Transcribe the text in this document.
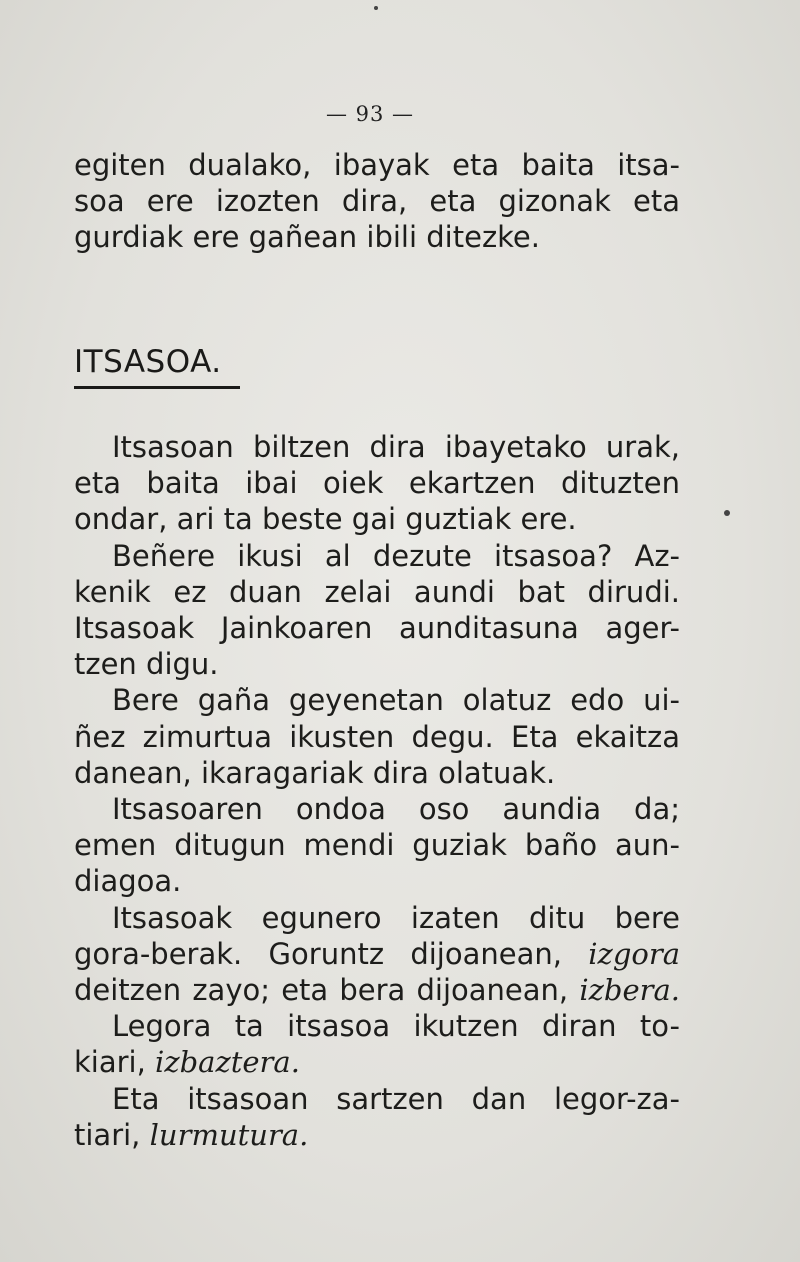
— 93 —
egiten dualako, ibayak eta baita itsa-
soa ere izozten dira, eta gizonak eta
gurdiak ere gañean ibili ditezke.
ITSASOA.
Itsasoan biltzen dira ibayetako urak,
eta baita ibai oiek ekartzen dituzten
ondar, ari ta beste gai guztiak ere.
Beñere ikusi al dezute itsasoa? Az-
kenik ez duan zelai aundi bat dirudi.
Itsasoak Jainkoaren aunditasuna ager-
tzen digu.
Bere gaña geyenetan olatuz edo ui-
ñez zimurtua ikusten degu. Eta ekaitza
danean, ikaragariak dira olatuak.
Itsasoaren ondoa oso aundia da;
emen ditugun mendi guziak baño aun-
diagoa.
Itsasoak egunero izaten ditu bere
gora-berak. Goruntz dijoanean, izgora
deitzen zayo; eta bera dijoanean, izbera.
Legora ta itsasoa ikutzen diran to-
kiari, izbaztera.
Eta itsasoan sartzen dan legor-za-
tiari, lurmutura.
